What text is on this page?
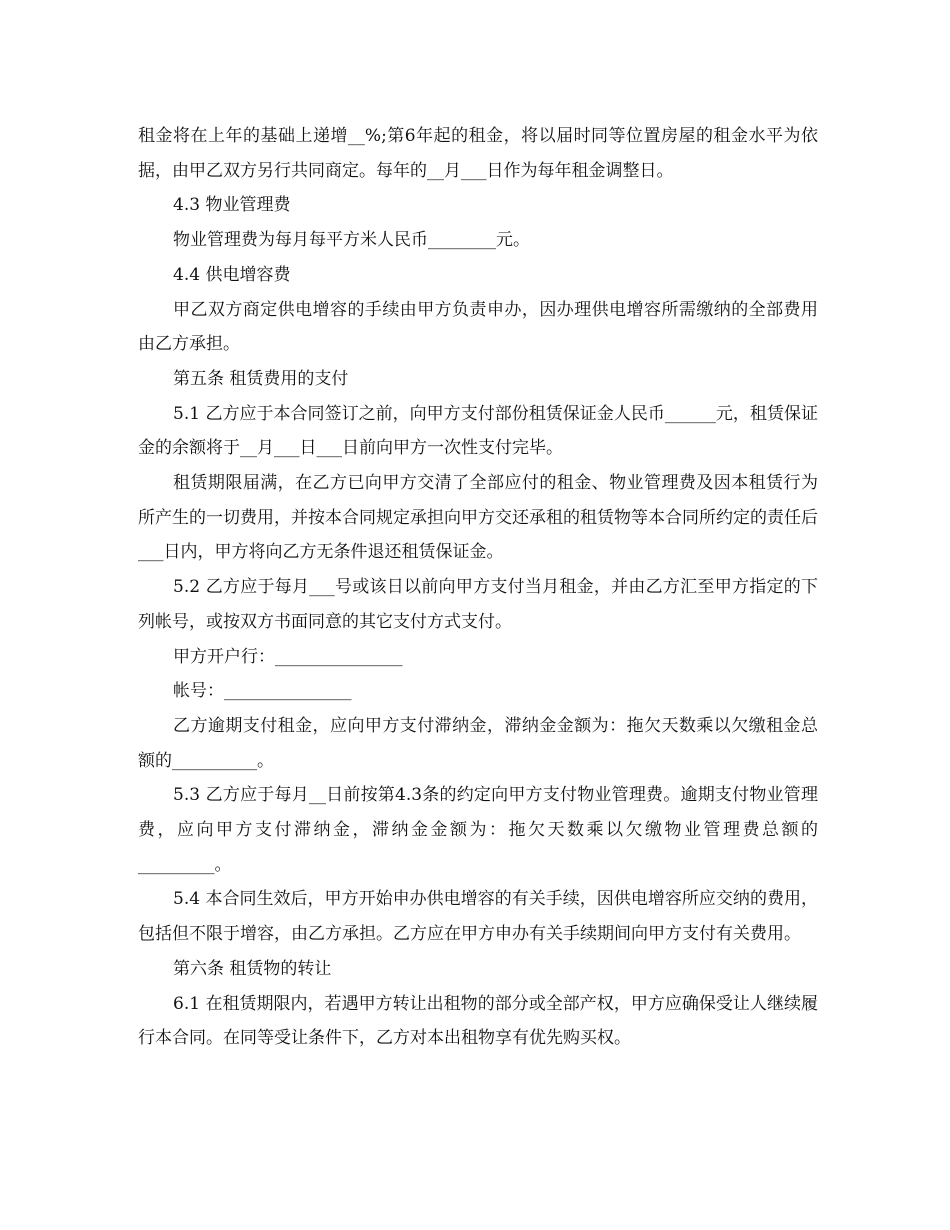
租金将在上年的基础上递增__%;第6年起的租金，将以届时同等位置房屋的租金水平为依据，由甲乙双方另行共同商定。每年的__月___日作为每年租金调整日。

4.3 物业管理费

物业管理费为每月每平方米人民币________元。

4.4 供电增容费

甲乙双方商定供电增容的手续由甲方负责申办，因办理供电增容所需缴纳的全部费用由乙方承担。

第五条 租赁费用的支付

5.1 乙方应于本合同签订之前，向甲方支付部份租赁保证金人民币______元，租赁保证金的余额将于__月___日___日前向甲方一次性支付完毕。

租赁期限届满，在乙方已向甲方交清了全部应付的租金、物业管理费及因本租赁行为所产生的一切费用，并按本合同规定承担向甲方交还承租的租赁物等本合同所约定的责任后___日内，甲方将向乙方无条件退还租赁保证金。

5.2 乙方应于每月___号或该日以前向甲方支付当月租金，并由乙方汇至甲方指定的下列帐号，或按双方书面同意的其它支付方式支付。

甲方开户行：_______________

帐号：_______________

乙方逾期支付租金，应向甲方支付滞纳金，滞纳金金额为：拖欠天数乘以欠缴租金总额的__________。

5.3 乙方应于每月__日前按第4.3条的约定向甲方支付物业管理费。逾期支付物业管理费，应向甲方支付滞纳金，滞纳金金额为：拖欠天数乘以欠缴物业管理费总额的_________。

5.4 本合同生效后，甲方开始申办供电增容的有关手续，因供电增容所应交纳的费用，包括但不限于增容，由乙方承担。乙方应在甲方申办有关手续期间向甲方支付有关费用。

第六条 租赁物的转让

6.1 在租赁期限内，若遇甲方转让出租物的部分或全部产权，甲方应确保受让人继续履行本合同。在同等受让条件下，乙方对本出租物享有优先购买权。
